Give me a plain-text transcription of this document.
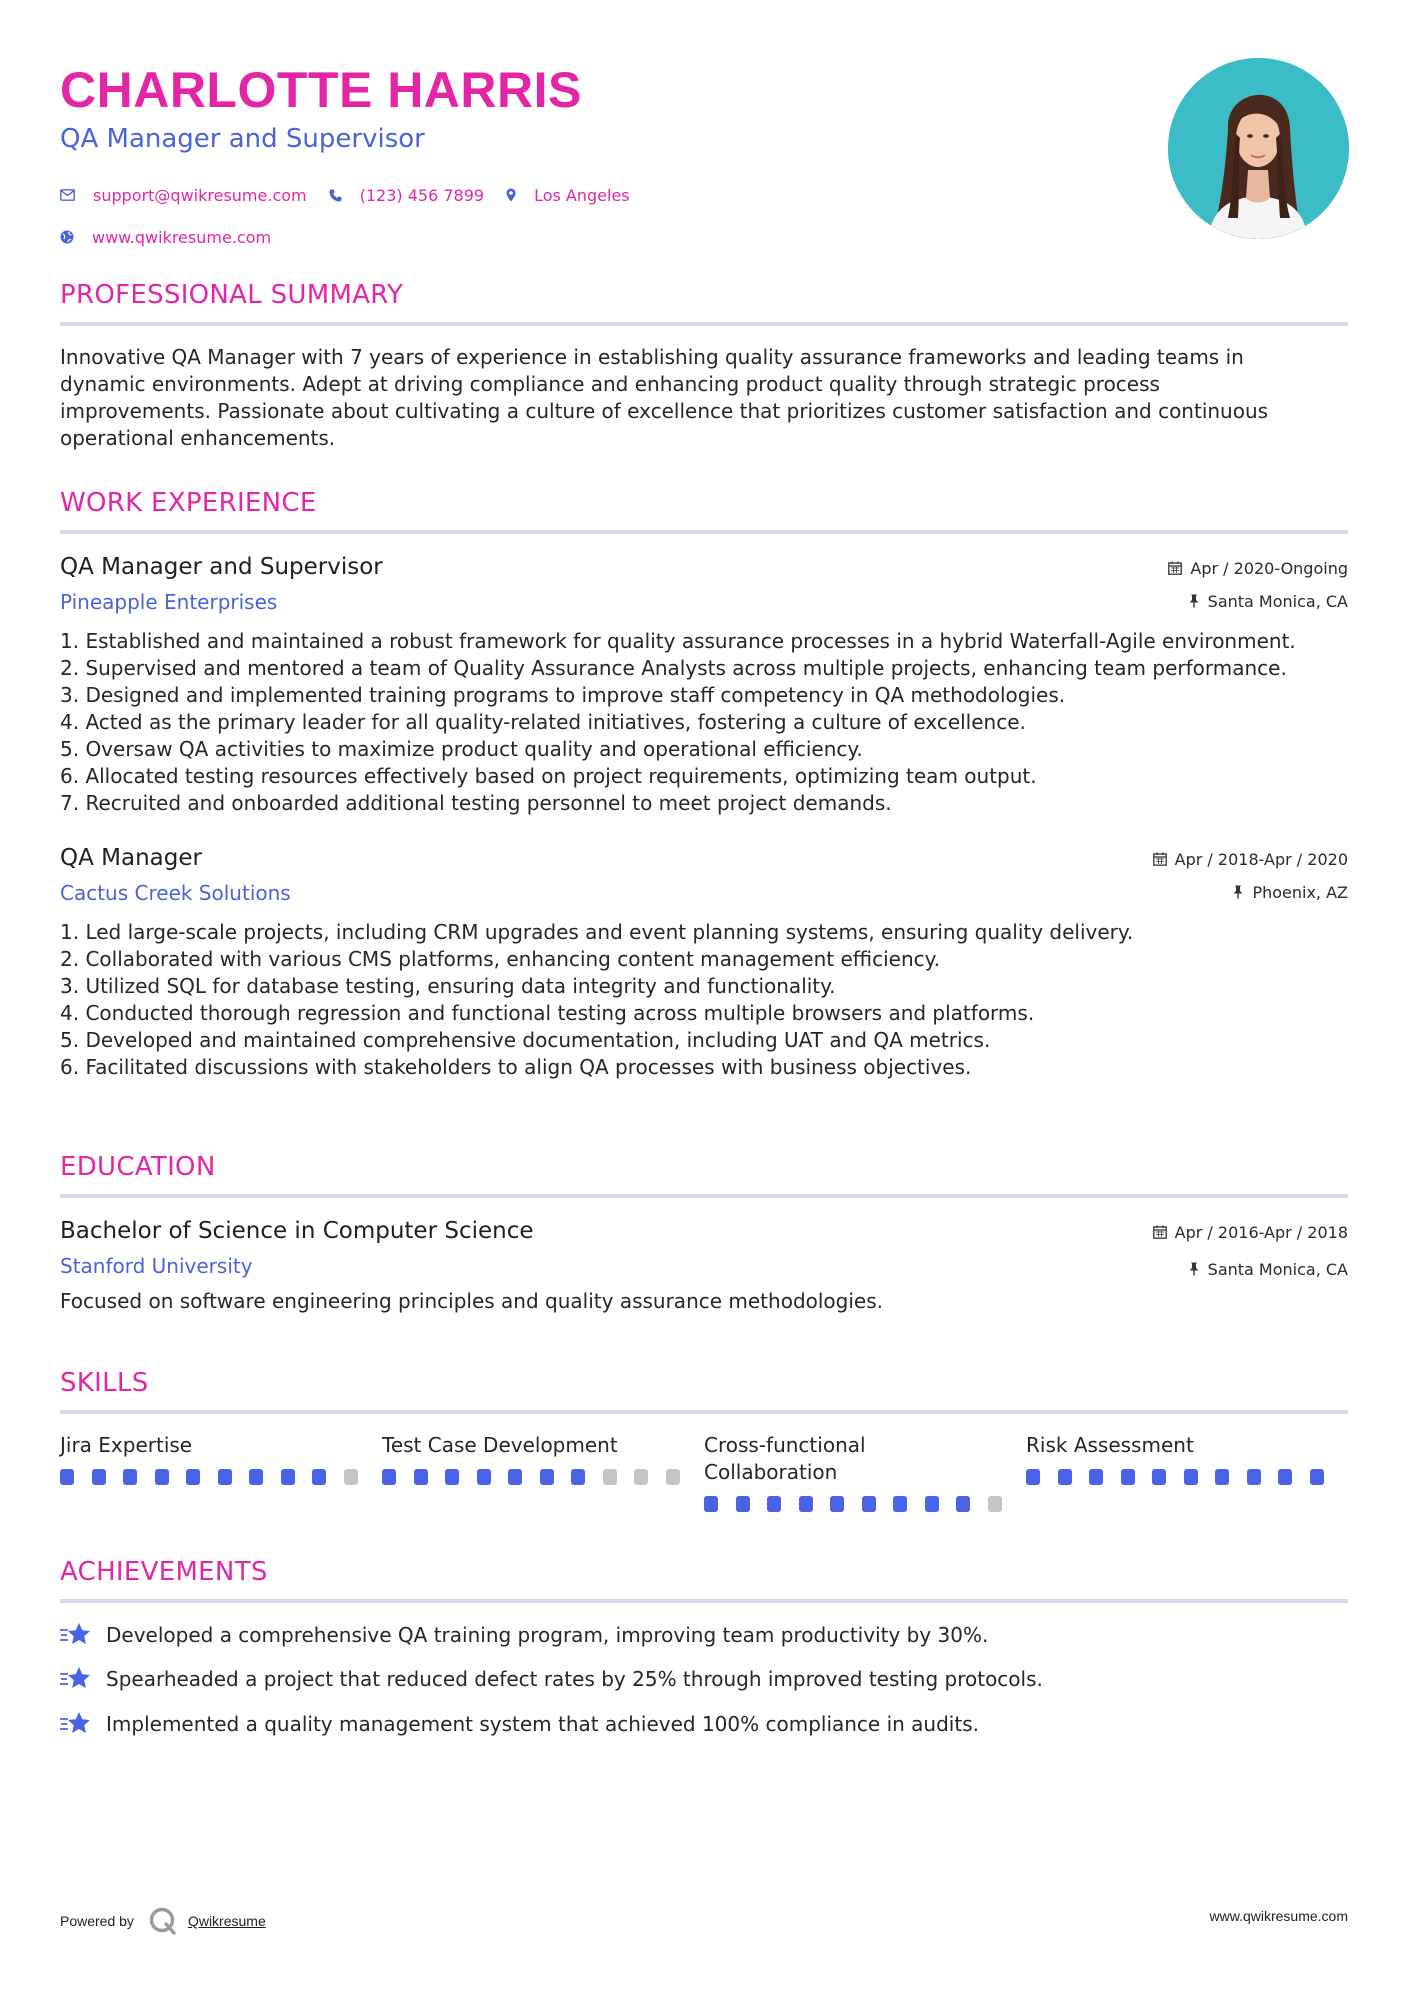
CHARLOTTE HARRIS
QA Manager and Supervisor
support@qwikresume.com	(123) 456 7899	Los Angeles
www.qwikresume.com
PROFESSIONAL SUMMARY
Innovative QA Manager with 7 years of experience in establishing quality assurance frameworks and leading teams in
dynamic environments. Adept at driving compliance and enhancing product quality through strategic process
improvements. Passionate about cultivating a culture of excellence that prioritizes customer satisfaction and continuous
operational enhancements.
WORK EXPERIENCE
QA Manager and Supervisor
Pineapple Enterprises
Apr / 2020-Ongoing
Santa Monica, CA
1. Established and maintained a robust framework for quality assurance processes in a hybrid Waterfall-Agile environment.
2. Supervised and mentored a team of Quality Assurance Analysts across multiple projects, enhancing team performance.
3. Designed and implemented training programs to improve staff competency in QA methodologies.
4. Acted as the primary leader for all quality-related initiatives, fostering a culture of excellence.
5. Oversaw QA activities to maximize product quality and operational efficiency.
6. Allocated testing resources effectively based on project requirements, optimizing team output.
7. Recruited and onboarded additional testing personnel to meet project demands.
QA Manager
Cactus Creek Solutions
Apr / 2018-Apr / 2020
Phoenix, AZ
1. Led large-scale projects, including CRM upgrades and event planning systems, ensuring quality delivery.
2. Collaborated with various CMS platforms, enhancing content management efficiency.
3. Utilized SQL for database testing, ensuring data integrity and functionality.
4. Conducted thorough regression and functional testing across multiple browsers and platforms.
5. Developed and maintained comprehensive documentation, including UAT and QA metrics.
6. Facilitated discussions with stakeholders to align QA processes with business objectives.
EDUCATION
Bachelor of Science in Computer Science
Stanford University
Apr / 2016-Apr / 2018
Santa Monica, CA
Focused on software engineering principles and quality assurance methodologies.
SKILLS
Jira Expertise	Test Case Development	Cross-functional
Collaboration
Risk Assessment
ACHIEVEMENTS
Developed a comprehensive QA training program, improving team productivity by 30%.
Spearheaded a project that reduced defect rates by 25% through improved testing protocols.
Implemented a quality management system that achieved 100% compliance in audits.
Powered by	Qwikresume	www.qwikresume.com
